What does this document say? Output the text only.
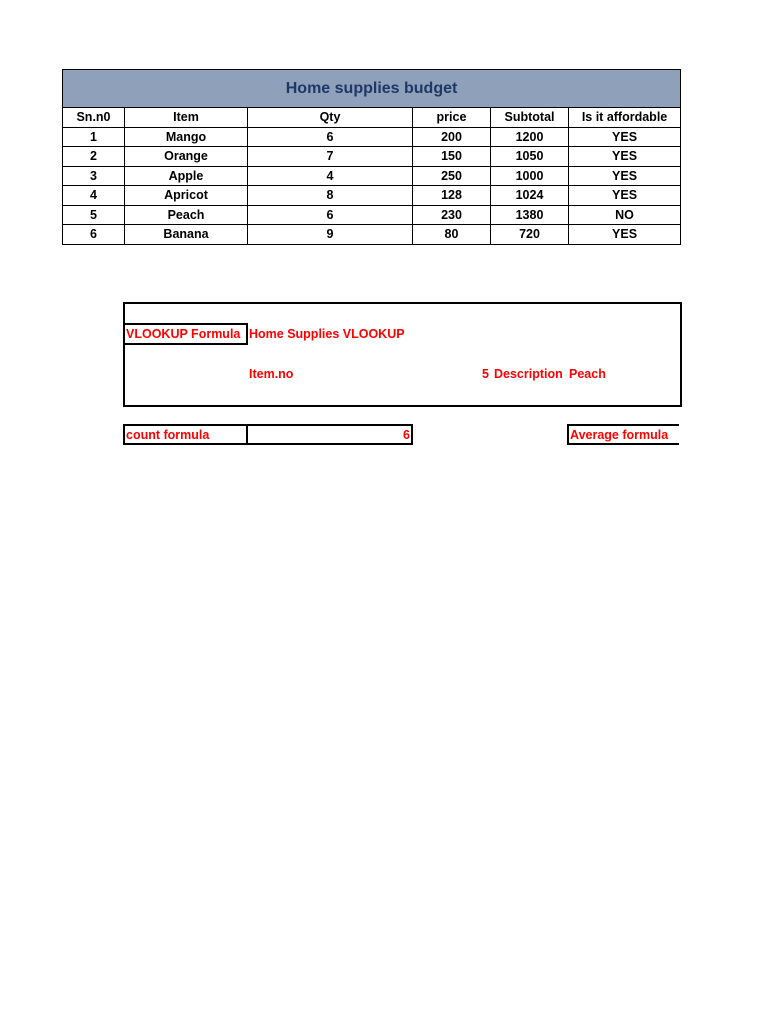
Home supplies budget					
Sn.n0	Item	Qty	price	Subtotal	Is it affordable
1	Mango	6	200	1200	YES
2	Orange	7	150	1050	YES
3	Apple	4	250	1000	YES
4	Apricot	8	128	1024	YES
5	Peach	6	230	1380	NO
6	Banana	9	80	720	YES
VLOOKUP Formula Home Supplies VLOOKUP
Item.no	5 Description Peach
count formula	6	Average formula
